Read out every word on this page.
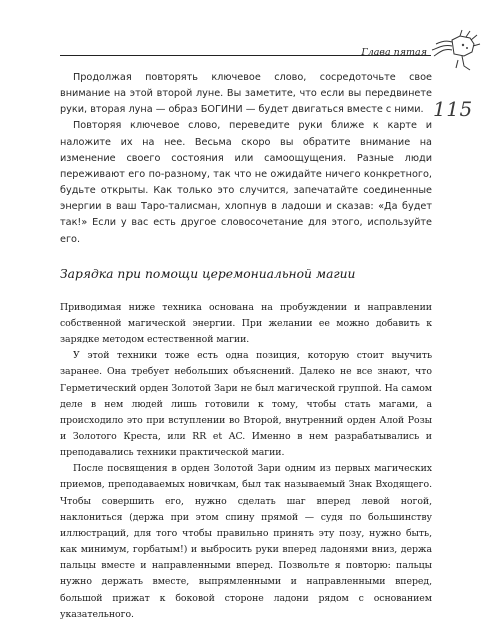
Глава пятая
115

Продолжая повторять ключевое слово, сосредоточьте свое внимание на этой второй луне. Вы заметите, что если вы передвинете руки, вторая луна — образ БОГИНИ — будет двигаться вместе с ними.

Повторяя ключевое слово, переведите руки ближе к карте и наложите их на нее. Весьма скоро вы обратите внимание на изменение своего состояния или самоощущения. Разные люди переживают его по-разному, так что не ожидайте ничего конкретного, будьте открыты. Как только это случится, запечатайте соединенные энергии в ваш Таро-талисман, хлопнув в ладоши и сказав: «Да будет так!» Если у вас есть другое словосочетание для этого, используйте его.

Зарядка при помощи церемониальной магии

Приводимая ниже техника основана на пробуждении и направлении собственной магической энергии. При желании ее можно добавить к зарядке методом естественной магии.

У этой техники тоже есть одна позиция, которую стоит выучить заранее. Она требует небольших объяснений. Далеко не все знают, что Герметический орден Золотой Зари не был магической группой. На самом деле в нем людей лишь готовили к тому, чтобы стать магами, а происходило это при вступлении во Второй, внутренний орден Алой Розы и Золотого Креста, или RR et AC. Именно в нем разрабатывались и преподавались техники практической магии.

После посвящения в орден Золотой Зари одним из первых магических приемов, преподаваемых новичкам, был так называемый Знак Входящего. Чтобы совершить его, нужно сделать шаг вперед левой ногой, наклониться (держа при этом спину прямой — судя по большинству иллюстраций, для того чтобы правильно принять эту позу, нужно быть, как минимум, горбатым!) и выбросить руки вперед ладонями вниз, держа пальцы вместе и направленными вперед. Позвольте я повторю: пальцы нужно держать вместе, выпрямленными и направленными вперед, большой прижат к боковой стороне ладони рядом с основанием указательного.
